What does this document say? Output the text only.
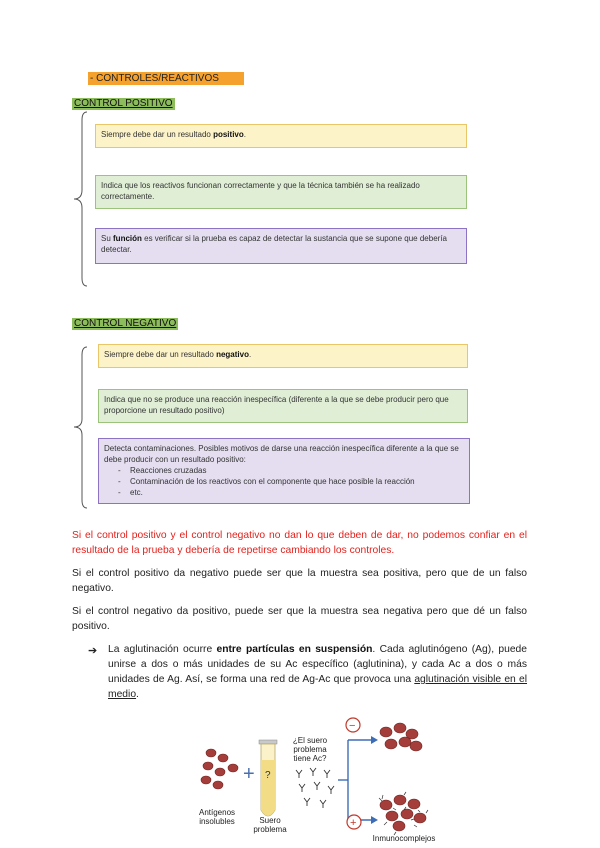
- CONTROLES/REACTIVOS
CONTROL POSITIVO
Siempre debe dar un resultado positivo.
Indica que los reactivos funcionan correctamente y que la técnica también se ha realizado correctamente.
Su función es verificar si la prueba es capaz de detectar la sustancia que se supone que debería detectar.
CONTROL NEGATIVO
Siempre debe dar un resultado negativo.
Indica que no se produce una reacción inespecífica (diferente a la que se debe producir pero que proporcione un resultado positivo)
Detecta contaminaciones. Posibles motivos de darse una reacción inespecífica diferente a la que se debe producir con un resultado positivo:
- Reacciones cruzadas
- Contaminación de los reactivos con el componente que hace posible la reacción
- etc.

Si el control positivo y el control negativo no dan lo que deben de dar, no podemos confiar en el resultado de la prueba y debería de repetirse cambiando los controles.

Si el control positivo da negativo puede ser que la muestra sea positiva, pero que de un falso negativo.

Si el control negativo da positivo, puede ser que la muestra sea negativa pero que dé un falso positivo.

➔ La aglutinación ocurre entre partículas en suspensión. Cada aglutinógeno (Ag), puede unirse a dos o más unidades de su Ac específico (aglutinina), y cada Ac a dos o más unidades de Ag. Así, se forma una red de Ag-Ac que provoca una aglutinación visible en el medio.

+ ?
−
+
Antígenos insolubles	Suero problema
¿El suero problema tiene Ac?
Inmunocomplejos
